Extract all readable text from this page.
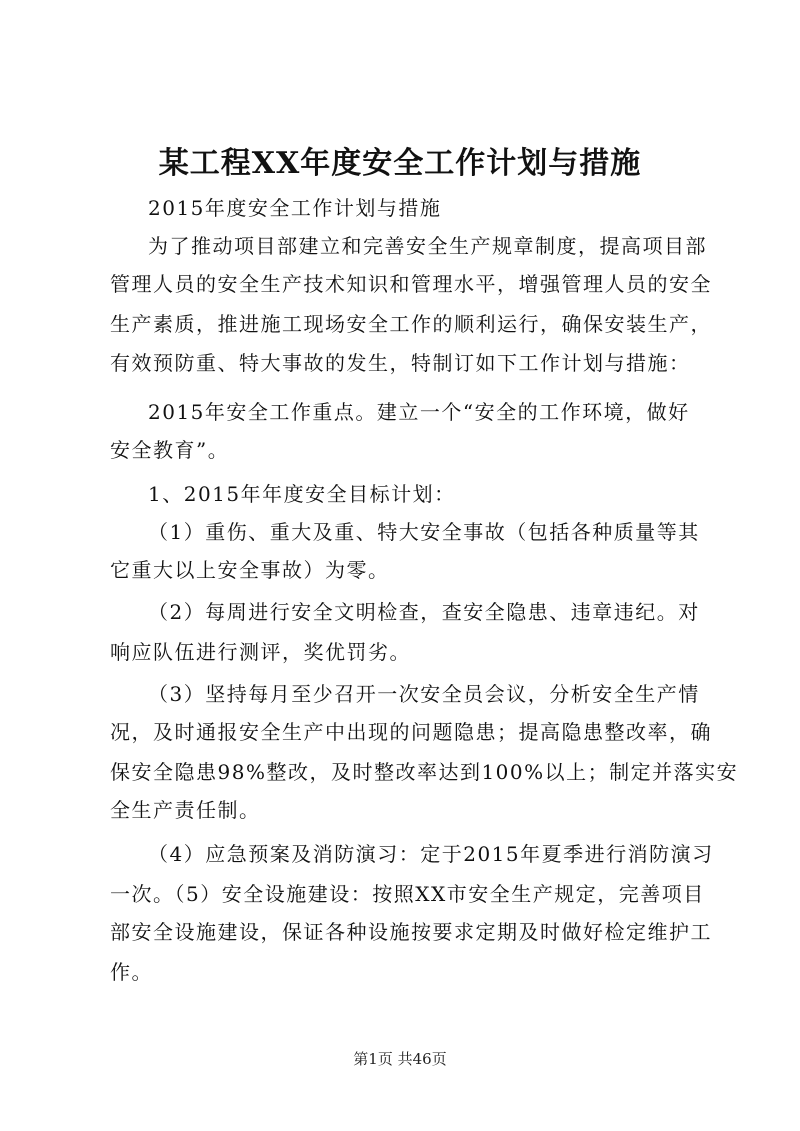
某工程XX年度安全工作计划与措施
2015年度安全工作计划与措施
为了推动项目部建立和完善安全生产规章制度，提高项目部
管理人员的安全生产技术知识和管理水平，增强管理人员的安全
生产素质，推进施工现场安全工作的顺利运行，确保安装生产，
有效预防重、特大事故的发生，特制订如下工作计划与措施：
2015年安全工作重点。建立一个“安全的工作环境，做好
安全教育”。
1、2015年年度安全目标计划：
（1）重伤、重大及重、特大安全事故（包括各种质量等其
它重大以上安全事故）为零。
（2）每周进行安全文明检查，查安全隐患、违章违纪。对
响应队伍进行测评，奖优罚劣。
（3）坚持每月至少召开一次安全员会议，分析安全生产情
况，及时通报安全生产中出现的问题隐患；提高隐患整改率，确
保安全隐患98%整改，及时整改率达到100%以上；制定并落实安
全生产责任制。
（4）应急预案及消防演习：定于2015年夏季进行消防演习
一次。（5）安全设施建设：按照XX市安全生产规定，完善项目
部安全设施建设，保证各种设施按要求定期及时做好检定维护工
作。
第1页 共46页
